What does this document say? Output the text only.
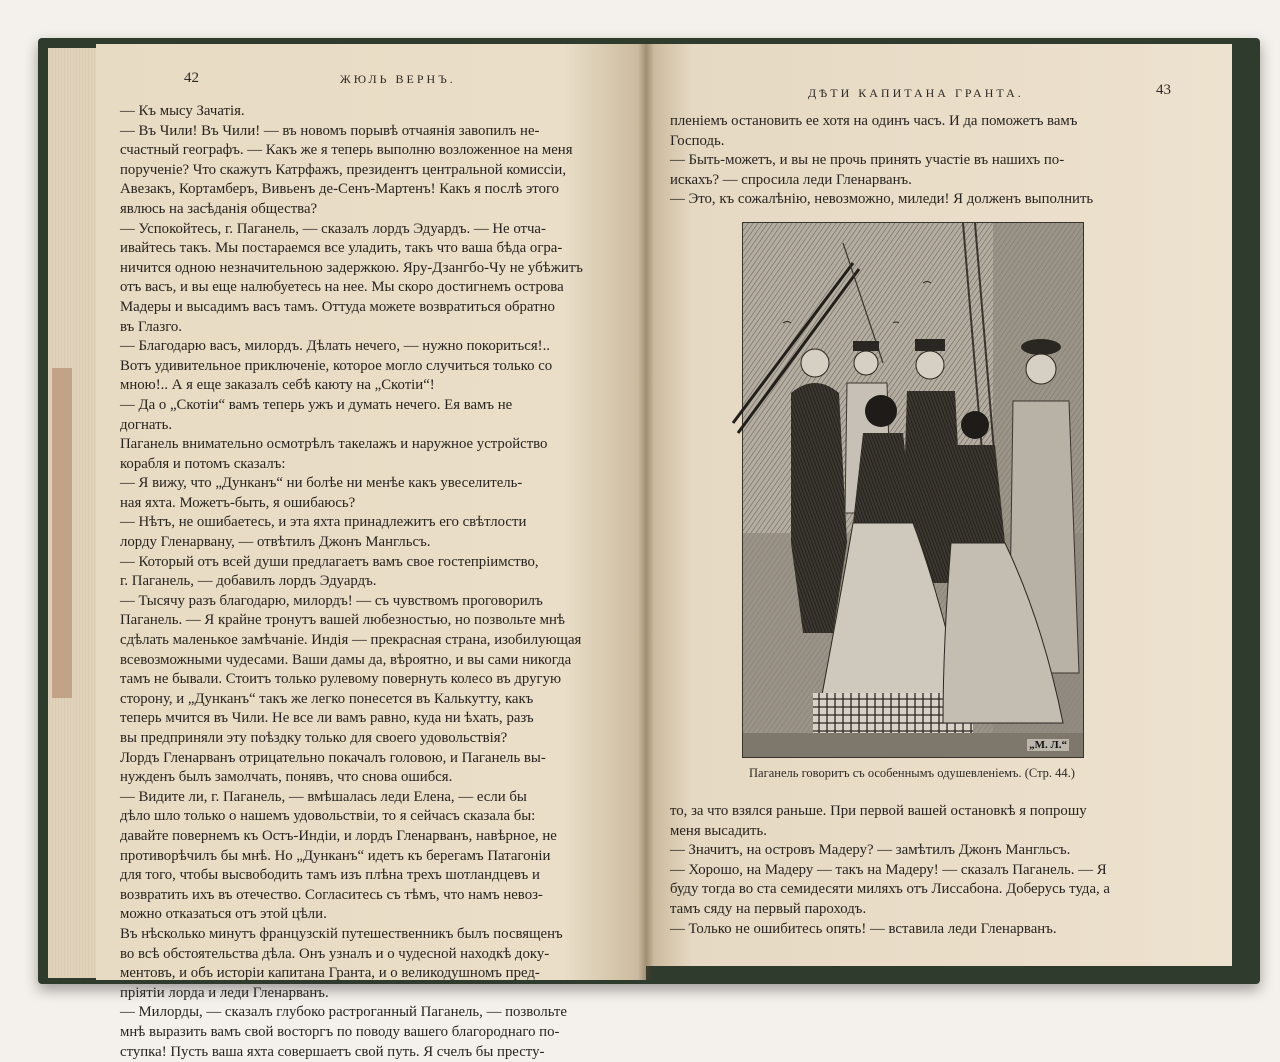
42	ЖЮЛЬ ВЕРНЪ.
— Къ мысу Зачатія.
— Въ Чили! Въ Чили! — въ новомъ порывѣ отчаянія завопилъ не-
счастный географъ. — Какъ же я теперь выполню возложенное на меня
порученіе? Что скажутъ Катрфажъ, президентъ центральной комиссіи,
Авезакъ, Кортамберъ, Вивьенъ де-Сенъ-Мартенъ! Какъ я послѣ этого
явлюсь на засѣданія общества?
— Успокойтесь, г. Паганель, — сказалъ лордъ Эдуардъ. — Не отча-
ивайтесь такъ. Мы постараемся все уладить, такъ что ваша бѣда огра-
ничится одною незначительною задержкою. Яру-Дзангбо-Чу не убѣжитъ
отъ васъ, и вы еще налюбуетесь на нее. Мы скоро достигнемъ острова
Мадеры и высадимъ васъ тамъ. Оттуда можете возвратиться обратно
въ Глазго.
— Благодарю васъ, милордъ. Дѣлать нечего, — нужно покориться!..
Вотъ удивительное приключеніе, которое могло случиться только со
мною!.. А я еще заказалъ себѣ каюту на „Скотіи“!
— Да о „Скотіи“ вамъ теперь ужъ и думать нечего. Ея вамъ не
догнать.
Паганель внимательно осмотрѣлъ такелажъ и наружное устройство
корабля и потомъ сказалъ:
— Я вижу, что „Дунканъ“ ни болѣе ни менѣе какъ увеселитель-
ная яхта. Можетъ-быть, я ошибаюсь?
— Нѣтъ, не ошибаетесь, и эта яхта принадлежитъ его свѣтлости
лорду Гленарвану, — отвѣтилъ Джонъ Мангльсъ.
— Который отъ всей души предлагаетъ вамъ свое гостепріимство,
г. Паганель, — добавилъ лордъ Эдуардъ.
— Тысячу разъ благодарю, милордъ! — съ чувствомъ проговорилъ
Паганель. — Я крайне тронутъ вашей любезностью, но позвольте мнѣ
сдѣлать маленькое замѣчаніе. Индія — прекрасная страна, изобилующая
всевозможными чудесами. Ваши дамы да, вѣроятно, и вы сами никогда
тамъ не бывали. Стоитъ только рулевому повернуть колесо въ другую
сторону, и „Дунканъ“ такъ же легко понесется въ Калькутту, какъ
теперь мчится въ Чили. Не все ли вамъ равно, куда ни ѣхать, разъ
вы предприняли эту поѣздку только для своего удовольствія?
Лордъ Гленарванъ отрицательно покачалъ головою, и Паганель вы-
нужденъ былъ замолчать, понявъ, что снова ошибся.
— Видите ли, г. Паганель, — вмѣшалась леди Елена, — если бы
дѣло шло только о нашемъ удовольствіи, то я сейчасъ сказала бы:
давайте повернемъ къ Остъ-Индіи, и лордъ Гленарванъ, навѣрное, не
противорѣчилъ бы мнѣ. Но „Дунканъ“ идетъ къ берегамъ Патагоніи
для того, чтобы высвободить тамъ изъ плѣна трехъ шотландцевъ и
возвратить ихъ въ отечество. Согласитесь съ тѣмъ, что намъ невоз-
можно отказаться отъ этой цѣли.
Въ нѣсколько минутъ французскій путешественникъ былъ посвященъ
во всѣ обстоятельства дѣла. Онъ узналъ и о чудесной находкѣ доку-
ментовъ, и объ исторіи капитана Гранта, и о великодушномъ пред-
пріятіи лорда и леди Гленарванъ.
— Милорды, — сказалъ глубоко растроганный Паганель, — позвольте
мнѣ выразить вамъ свой восторгъ по поводу вашего благороднаго по-
ступка! Пусть ваша яхта совершаетъ свой путь. Я счелъ бы престу-
ДѢТИ КАПИТАНА ГРАНТА.	43
пленіемъ остановить ее хотя на одинъ часъ. И да поможетъ вамъ
Господь.
— Быть-можетъ, и вы не прочь принять участіе въ нашихъ по-
искахъ? — спросила леди Гленарванъ.
— Это, къ сожалѣнію, невозможно, миледи! Я долженъ выполнить
„М. Л.“
Паганель говоритъ съ особеннымъ одушевленіемъ. (Стр. 44.)
то, за что взялся раньше. При первой вашей остановкѣ я попрошу
меня высадить.
— Значитъ, на островъ Мадеру? — замѣтилъ Джонъ Мангльсъ.
— Хорошо, на Мадеру — такъ на Мадеру! — сказалъ Паганель. — Я
буду тогда во ста семидесяти миляхъ отъ Лиссабона. Доберусь туда, а
тамъ сяду на первый пароходъ.
— Только не ошибитесь опять! — вставила леди Гленарванъ.
